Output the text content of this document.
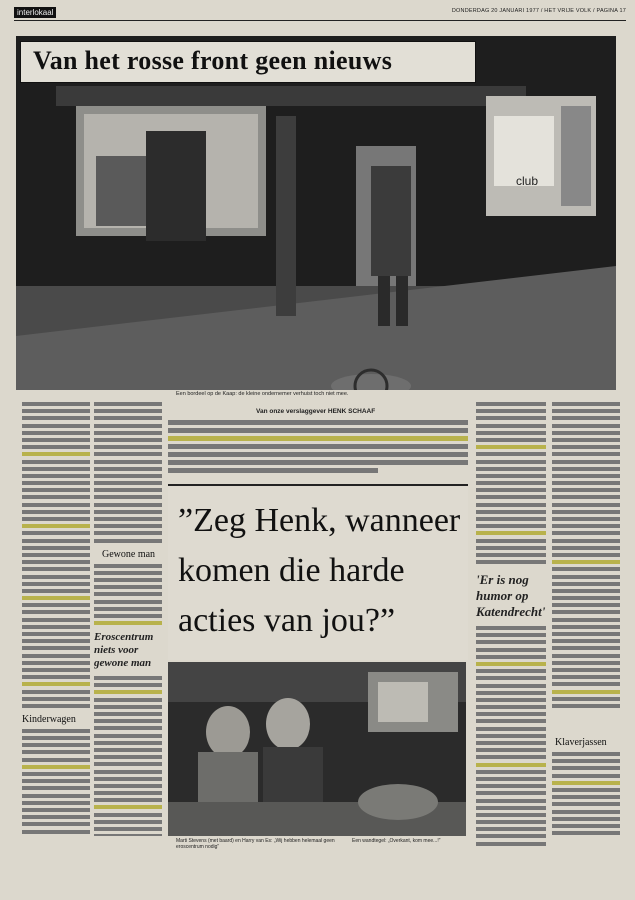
interlokaal	DONDERDAG 20 JANUARI 1977 / HET VRIJE VOLK / PAGINA 17
club
Van het rosse front geen nieuws
Een bordeel op de Kaap: de kleine ondernemer verhuist toch niet mee.
Kinderwagen
Gewone man
Eroscentrum
niets voor
gewone man
Van onze verslaggever HENK SCHAAF
”Zeg Henk, wanneer
komen die harde
acties van jou?”
Marti Stevens (met baard) en Harry van Es: „Wij hebben helemaal geen eroscentrum nodig”
Een wandtegel: „Overkant, kom mee...!”
'Er is nog
humor op
Katendrecht'
Klaverjassen
